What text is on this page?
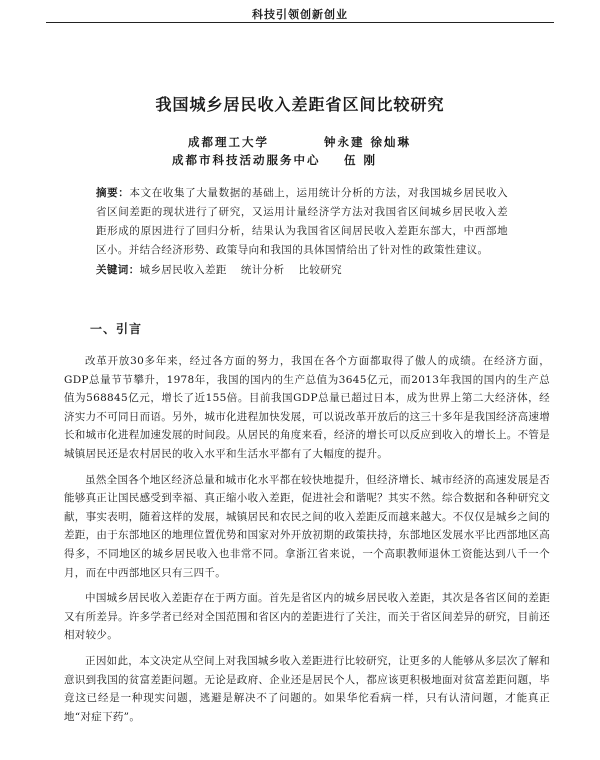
科技引领创新创业
我国城乡居民收入差距省区间比较研究
成都理工大学	钟永建 徐灿琳
成都市科技活动服务中心 伍 刚
摘要：本文在收集了大量数据的基础上，运用统计分析的方法，对我国城乡居民收入省区间差距的现状进行了研究，又运用计量经济学方法对我国省区间城乡居民收入差距形成的原因进行了回归分析，结果认为我国省区间居民收入差距东部大，中西部地区小。并结合经济形势、政策导向和我国的具体国情给出了针对性的政策性建议。
关键词：城乡居民收入差距 统计分析 比较研究
一、引言

改革开放30多年来，经过各方面的努力，我国在各个方面都取得了傲人的成绩。在经济方面，GDP总量节节攀升，1978年，我国的国内的生产总值为3645亿元，而2013年我国的国内的生产总值为568845亿元，增长了近155倍。目前我国GDP总量已超过日本，成为世界上第二大经济体，经济实力不可同日而语。另外，城市化进程加快发展，可以说改革开放后的这三十多年是我国经济高速增长和城市化进程加速发展的时间段。从居民的角度来看，经济的增长可以反应到收入的增长上。不管是城镇居民还是农村居民的收入水平和生活水平都有了大幅度的提升。

虽然全国各个地区经济总量和城市化水平都在较快地提升，但经济增长、城市经济的高速发展是否能够真正让国民感受到幸福、真正缩小收入差距，促进社会和谐呢？其实不然。综合数据和各种研究文献，事实表明，随着这样的发展，城镇居民和农民之间的收入差距反而越来越大。不仅仅是城乡之间的差距，由于东部地区的地理位置优势和国家对外开放初期的政策扶持，东部地区发展水平比西部地区高得多，不同地区的城乡居民收入也非常不同。拿浙江省来说，一个高职教师退休工资能达到八千一个月，而在中西部地区只有三四千。

中国城乡居民收入差距存在于两方面。首先是省区内的城乡居民收入差距，其次是各省区间的差距又有所差异。许多学者已经对全国范围和省区内的差距进行了关注，而关于省区间差异的研究，目前还相对较少。

正因如此，本文决定从空间上对我国城乡收入差距进行比较研究，让更多的人能够从多层次了解和意识到我国的贫富差距问题。无论是政府、企业还是居民个人，都应该更积极地面对贫富差距问题，毕竟这已经是一种现实问题，逃避是解决不了问题的。如果华佗看病一样，只有认清问题，才能真正地“对症下药”。
